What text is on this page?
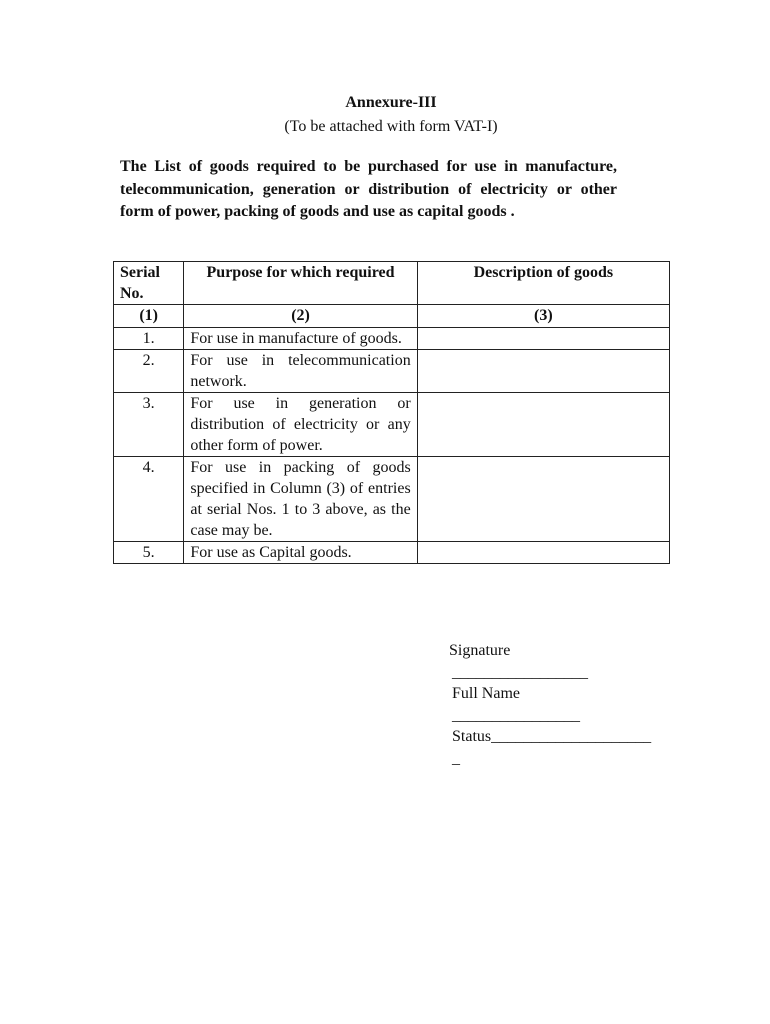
Annexure-III
(To be attached with form VAT-I)
The List of goods required to be purchased for use in manufacture, telecommunication, generation or distribution of electricity or other form of power, packing of goods and use as capital goods .
Serial No.	Purpose for which required	Description of goods
(1)	(2)	(3)
1.	For use in manufacture of goods.	
2.	For use in telecommunication network.	
3.	For use in generation or distribution of electricity or any other form of power.	
4.	For use in packing of goods specified in Column (3) of entries at serial Nos. 1 to 3 above, as the case may be.	
5.	For use as Capital goods.	
Signature
_________________
Full Name
________________
Status____________________
_
